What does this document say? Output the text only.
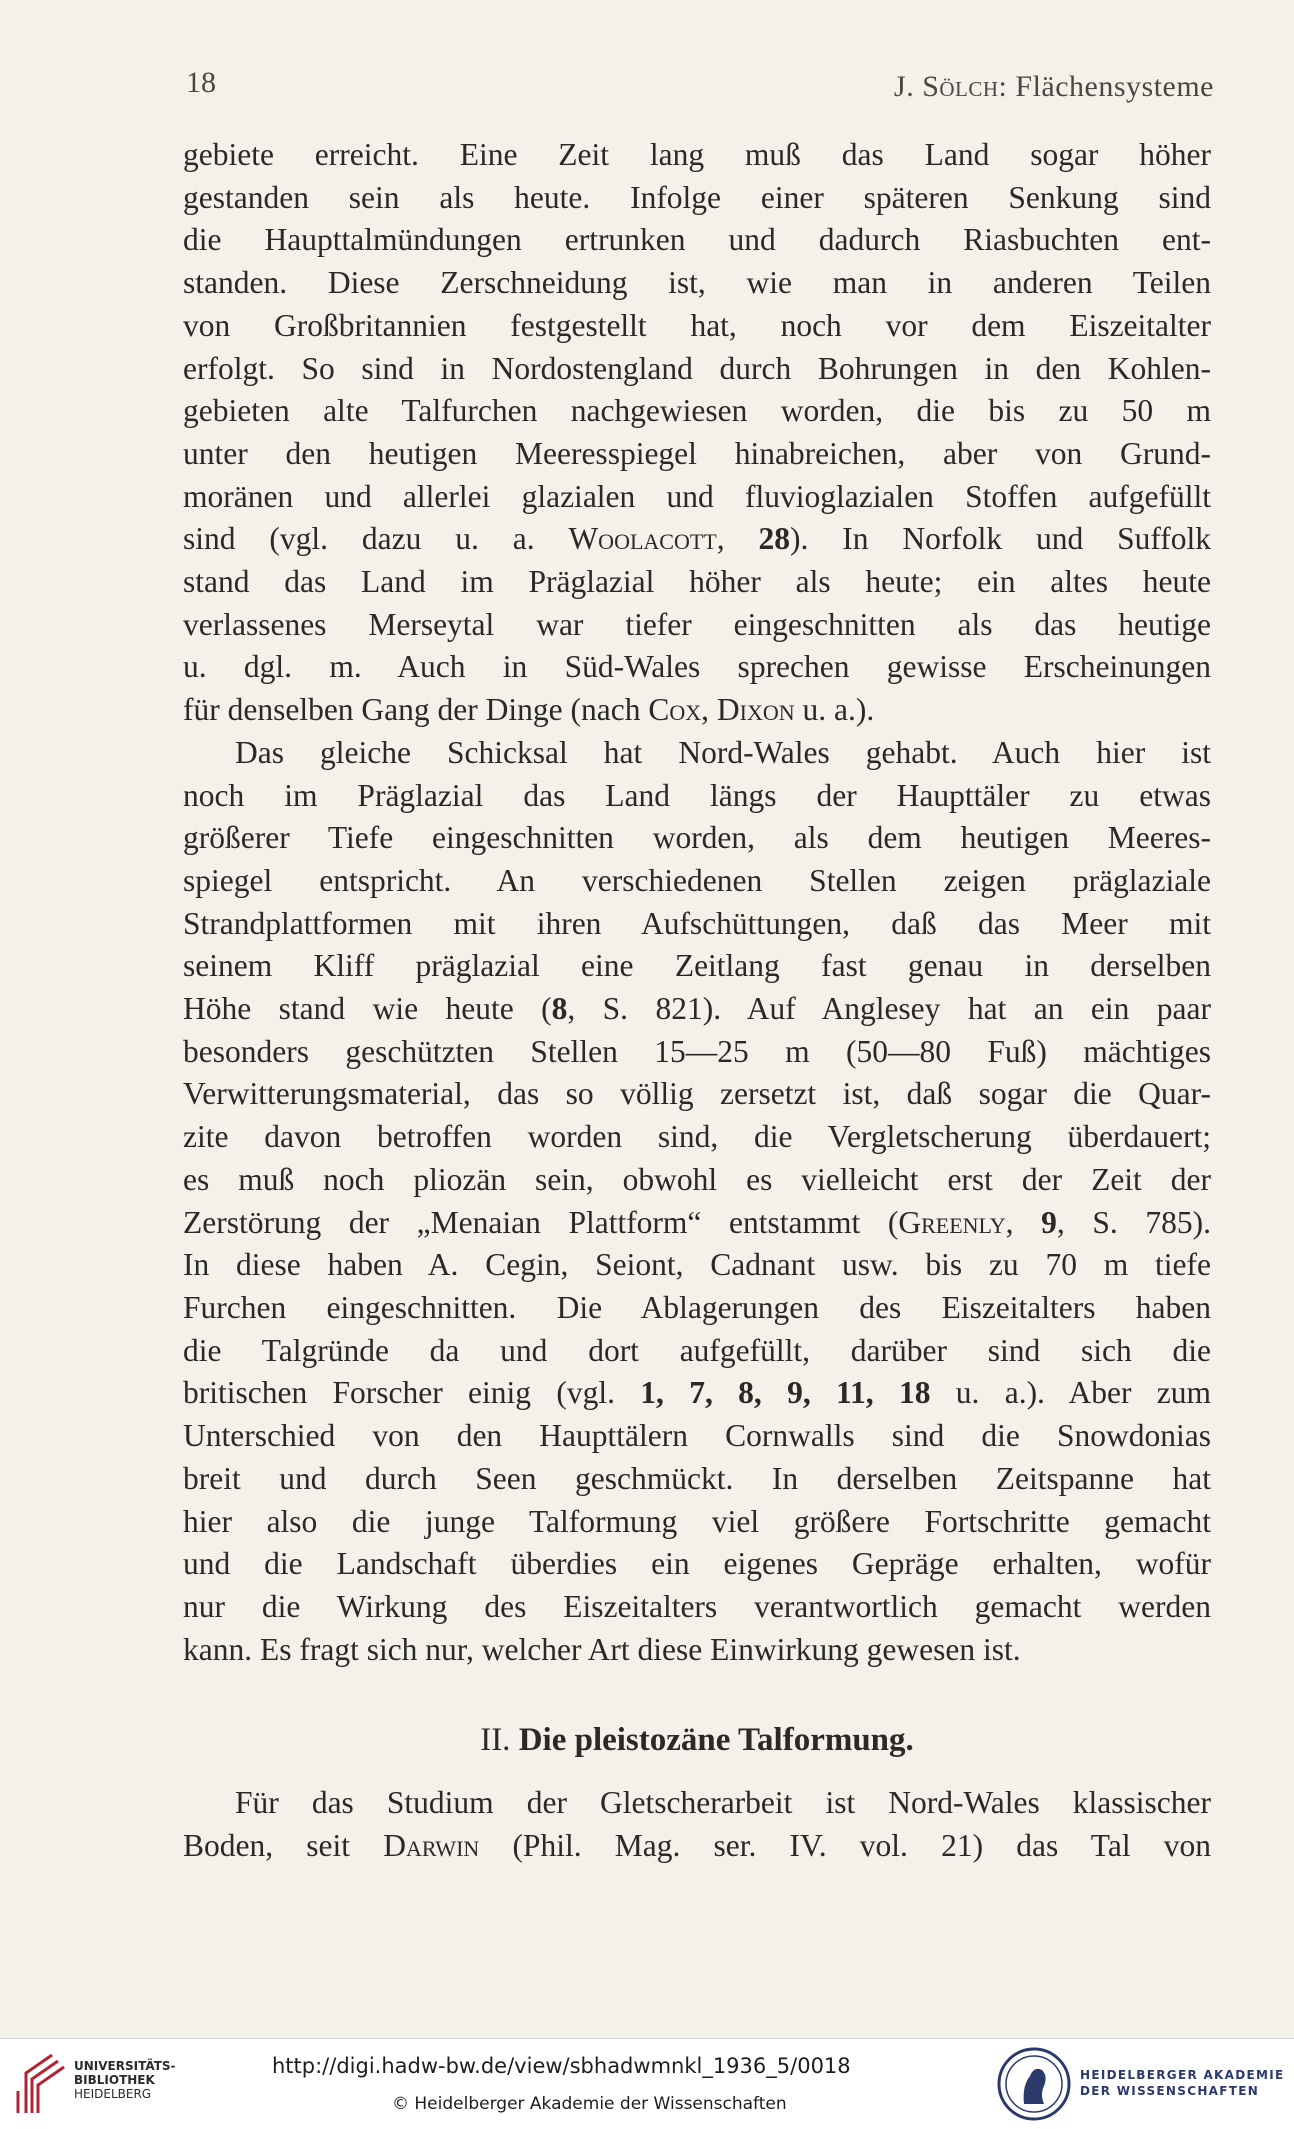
18	J. Sölch: Flächensysteme

gebiete erreicht. Eine Zeit lang muß das Land sogar höher
gestanden sein als heute. Infolge einer späteren Senkung sind
die Haupttalmündungen ertrunken und dadurch Riasbuchten ent-
standen. Diese Zerschneidung ist, wie man in anderen Teilen
von Großbritannien festgestellt hat, noch vor dem Eiszeitalter
erfolgt. So sind in Nordostengland durch Bohrungen in den Kohlen-
gebieten alte Talfurchen nachgewiesen worden, die bis zu 50 m
unter den heutigen Meeresspiegel hinabreichen, aber von Grund-
moränen und allerlei glazialen und fluvioglazialen Stoffen aufgefüllt
sind (vgl. dazu u. a. Woolacott, 28). In Norfolk und Suffolk
stand das Land im Präglazial höher als heute; ein altes heute
verlassenes Merseytal war tiefer eingeschnitten als das heutige
u. dgl. m. Auch in Süd-Wales sprechen gewisse Erscheinungen
für denselben Gang der Dinge (nach Cox, Dixon u. a.).

Das gleiche Schicksal hat Nord-Wales gehabt. Auch hier ist
noch im Präglazial das Land längs der Haupttäler zu etwas
größerer Tiefe eingeschnitten worden, als dem heutigen Meeres-
spiegel entspricht. An verschiedenen Stellen zeigen präglaziale
Strandplattformen mit ihren Aufschüttungen, daß das Meer mit
seinem Kliff präglazial eine Zeitlang fast genau in derselben
Höhe stand wie heute (8, S. 821). Auf Anglesey hat an ein paar
besonders geschützten Stellen 15—25 m (50—80 Fuß) mächtiges
Verwitterungsmaterial, das so völlig zersetzt ist, daß sogar die Quar-
zite davon betroffen worden sind, die Vergletscherung überdauert;
es muß noch pliozän sein, obwohl es vielleicht erst der Zeit der
Zerstörung der „Menaian Plattform“ entstammt (Greenly, 9, S. 785).
In diese haben A. Cegin, Seiont, Cadnant usw. bis zu 70 m tiefe
Furchen eingeschnitten. Die Ablagerungen des Eiszeitalters haben
die Talgründe da und dort aufgefüllt, darüber sind sich die
britischen Forscher einig (vgl. 1, 7, 8, 9, 11, 18 u. a.). Aber zum
Unterschied von den Haupttälern Cornwalls sind die Snowdonias
breit und durch Seen geschmückt. In derselben Zeitspanne hat
hier also die junge Talformung viel größere Fortschritte gemacht
und die Landschaft überdies ein eigenes Gepräge erhalten, wofür
nur die Wirkung des Eiszeitalters verantwortlich gemacht werden
kann. Es fragt sich nur, welcher Art diese Einwirkung gewesen ist.

II. Die pleistozäne Talformung.

Für das Studium der Gletscherarbeit ist Nord-Wales klassischer
Boden, seit Darwin (Phil. Mag. ser. IV. vol. 21) das Tal von

UNIVERSITÄTS-
BIBLIOTHEK
HEIDELBERG
http://digi.hadw-bw.de/view/sbhadwmnkl_1936_5/0018
© Heidelberger Akademie der Wissenschaften
HEIDELBERGER AKADEMIE
DER WISSENSCHAFTEN
